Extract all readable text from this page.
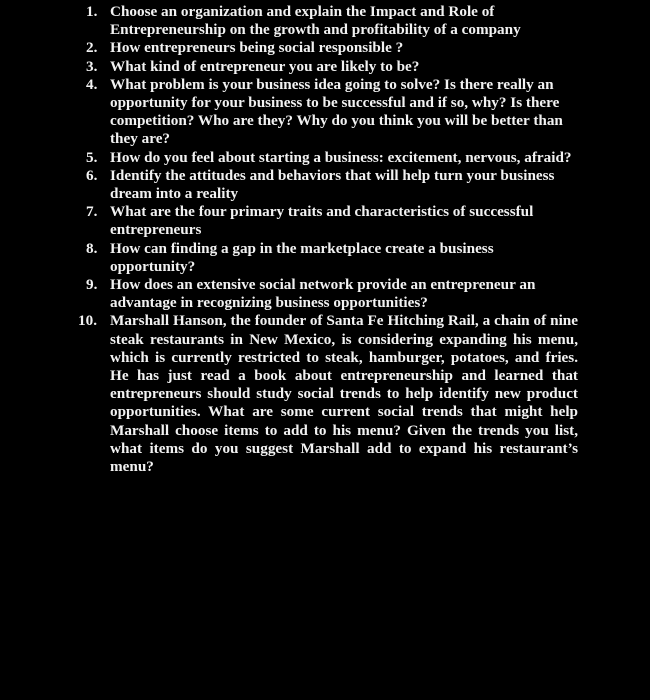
1. Choose an organization and explain the Impact and Role of Entrepreneurship on the growth and profitability of a company
2. How entrepreneurs being social responsible ?
3. What kind of entrepreneur you are likely to be?
4. What problem is your business idea going to solve? Is there really an opportunity for your business to be successful and if so, why? Is there competition? Who are they? Why do you think you will be better than they are?
5. How do you feel about starting a business: excitement, nervous, afraid?
6. Identify the attitudes and behaviors that will help turn your business dream into a reality
7. What are the four primary traits and characteristics of successful entrepreneurs
8. How can finding a gap in the marketplace create a business opportunity?
9. How does an extensive social network provide an entrepreneur an advantage in recognizing business opportunities?
10. Marshall Hanson, the founder of Santa Fe Hitching Rail, a chain of nine steak restaurants in New Mexico, is considering expanding his menu, which is currently restricted to steak, hamburger, potatoes, and fries. He has just read a book about entrepreneurship and learned that entrepreneurs should study social trends to help identify new product opportunities. What are some current social trends that might help Marshall choose items to add to his menu? Given the trends you list, what items do you suggest Marshall add to expand his restaurant’s menu?
